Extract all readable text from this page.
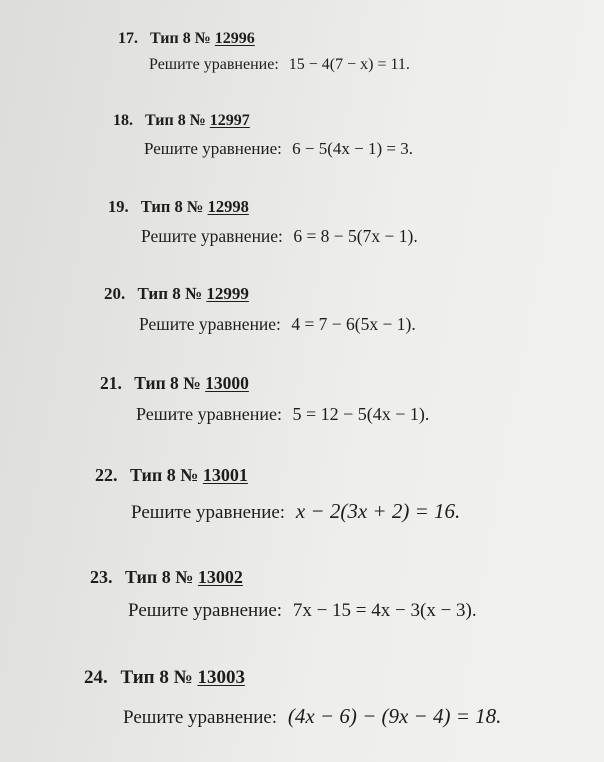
17. Тип 8 № 12996
Решите уравнение: 15 − 4(7 − x) = 11.
18. Тип 8 № 12997
Решите уравнение: 6 − 5(4x − 1) = 3.
19. Тип 8 № 12998
Решите уравнение: 6 = 8 − 5(7x − 1).
20. Тип 8 № 12999
Решите уравнение: 4 = 7 − 6(5x − 1).
21. Тип 8 № 13000
Решите уравнение: 5 = 12 − 5(4x − 1).
22. Тип 8 № 13001
Решите уравнение: x − 2(3x + 2) = 16.
23. Тип 8 № 13002
Решите уравнение: 7x − 15 = 4x − 3(x − 3).
24. Тип 8 № 13003
Решите уравнение: (4x − 6) − (9x − 4) = 18.
